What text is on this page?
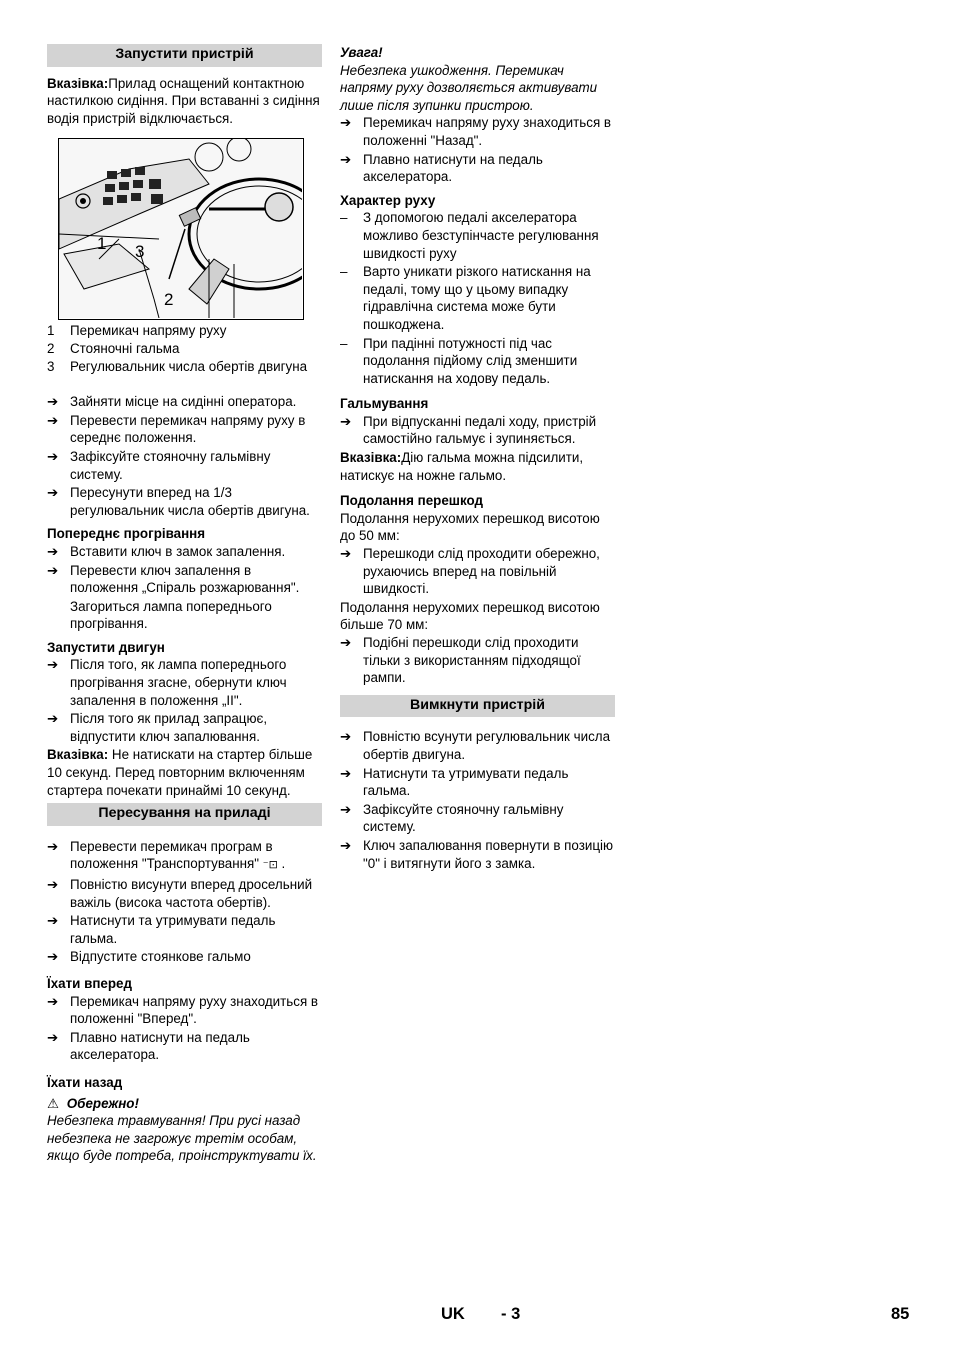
Запустити пристрій

Вказівка:Прилад оснащений контактною настилкою сидіння. При вставанні з сидіння водія пристрій відключається.

1 3
2
1 Перемикач напряму руху
2 Стояночні гальма
3 Регулювальник числа обертів двигуна
➔ Зайняти місце на сидінні оператора.
➔ Перевести перемикач напряму руху в середнє положення.
➔ Зафіксуйте стояночну гальмівну систему.
➔ Пересунути вперед на 1/3 регулювальник числа обертів двигуна.
Попереднє прогрівання
➔ Вставити ключ в замок запалення.
➔ Перевести ключ запалення в положення „Спіраль розжарювання".
Загориться лампа попереднього прогрівання.
Запустити двигун
➔ Після того, як лампа попереднього прогрівання згасне, обернути ключ запалення в положення „II".
➔ Після того як прилад запрацює, відпустити ключ запалювання.

Вказівка: Не натискати на стартер більше 10 секунд. Перед повторним включенням стартера почекати принаймі 10 секунд.

Пересування на приладі
➔ Перевести перемикач програм в положення "Транспортування" ⁻⊡ .
➔ Повністю висунути вперед дросельний важіль (висока частота обертів).
➔ Натиснути та утримувати педаль гальма.
➔ Відпустите стоянкове гальмо
Їхати вперед
➔ Перемикач напряму руху знаходиться в положенні "Вперед".
➔ Плавно натиснути на педаль акселератора.
Їхати назад

⚠ Обережно!

Небезпека травмування! При русі назад небезпека не загрожує третім особам, якщо буде потреба, проінструктувати їх.

Увага!

Небезпека ушкодження. Перемикач напряму руху дозволяється активувати лише після зупинки пристрою.

➔ Перемикач напряму руху знаходиться в положенні "Назад".
➔ Плавно натиснути на педаль акселератора.
Характер руху
–	З допомогою педалі акселератора можливо безступінчасте регулювання швидкості руху
–	Варто уникати різкого натискання на педалі, тому що у цьому випадку гідравлічна система може бути пошкоджена.
–	При падінні потужності під час подолання підйому слід зменшити натискання на ходову педаль.
Гальмування
➔ При відпусканні педалі ходу, пристрій самостійно гальмує і зупиняється.

Вказівка:Дію гальма можна підсилити, натискує на ножне гальмо.

Подолання перешкод

Подолання нерухомих перешкод висотою до 50 мм:

➔ Перешкоди слід проходити обережно, рухаючись вперед на повільній швидкості.

Подолання нерухомих перешкод висотою більше 70 мм:

➔ Подібні перешкоди слід проходити тільки з використанням підходящої рампи.
Вимкнути пристрій
➔ Повністю всунути регулювальник числа обертів двигуна.
➔ Натиснути та утримувати педаль гальма.
➔ Зафіксуйте стояночну гальмівну систему.
➔ Ключ запалювання повернути в позицію "0" і витягнути його з замка.
UK - 3	85
